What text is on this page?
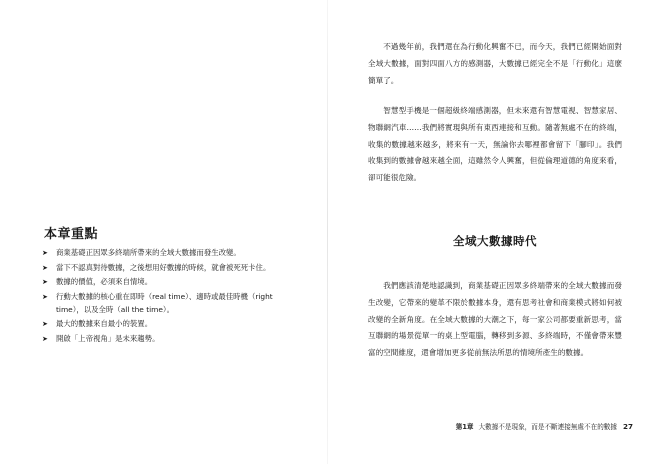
本章重點
➤ 商業基礎正因眾多終端所帶來的全域大數據而發生改變。
➤ 當下不認真對待數據，之後想用好數據的時候，就會被死死卡住。
➤ 數據的價值，必須來自情境。
➤ 行動大數據的核心重在即時（real time）、適時或最佳時機（right time），以及全時（all the time）。
➤ 最大的數據來自最小的裝置。
➤ 開啟「上帝視角」是未來趨勢。

不過幾年前，我們還在為行動化興奮不已，而今天，我們已經開始面對全域大數據，面對四面八方的感測器，大數據已經完全不是「行動化」這麼簡單了。

智慧型手機是一個超級終端感測器，但未來還有智慧電視、智慧家居、物聯網汽車……我們將實現與所有東西連接和互動。隨著無處不在的終端，收集的數據越來越多，將來有一天，無論你去哪裡都會留下「腳印」。我們收集到的數據會越來越全面，這雖然令人興奮，但從倫理道德的角度來看，卻可能很危險。

全域大數據時代

我們應該清楚地認識到，商業基礎正因眾多終端帶來的全域大數據而發生改變，它帶來的變革不限於數據本身，還有思考社會和商業模式將如何被改變的全新角度。在全域大數據的大潮之下，每一家公司都要重新思考，當互聯網的場景從單一的桌上型電腦，轉移到多源、多終端時，不僅會帶來豐富的空間維度，還會增加更多從前無法所思的情境所產生的數據。

第1章 大數據不是現象，而是不斷連接無處不在的數據 27
